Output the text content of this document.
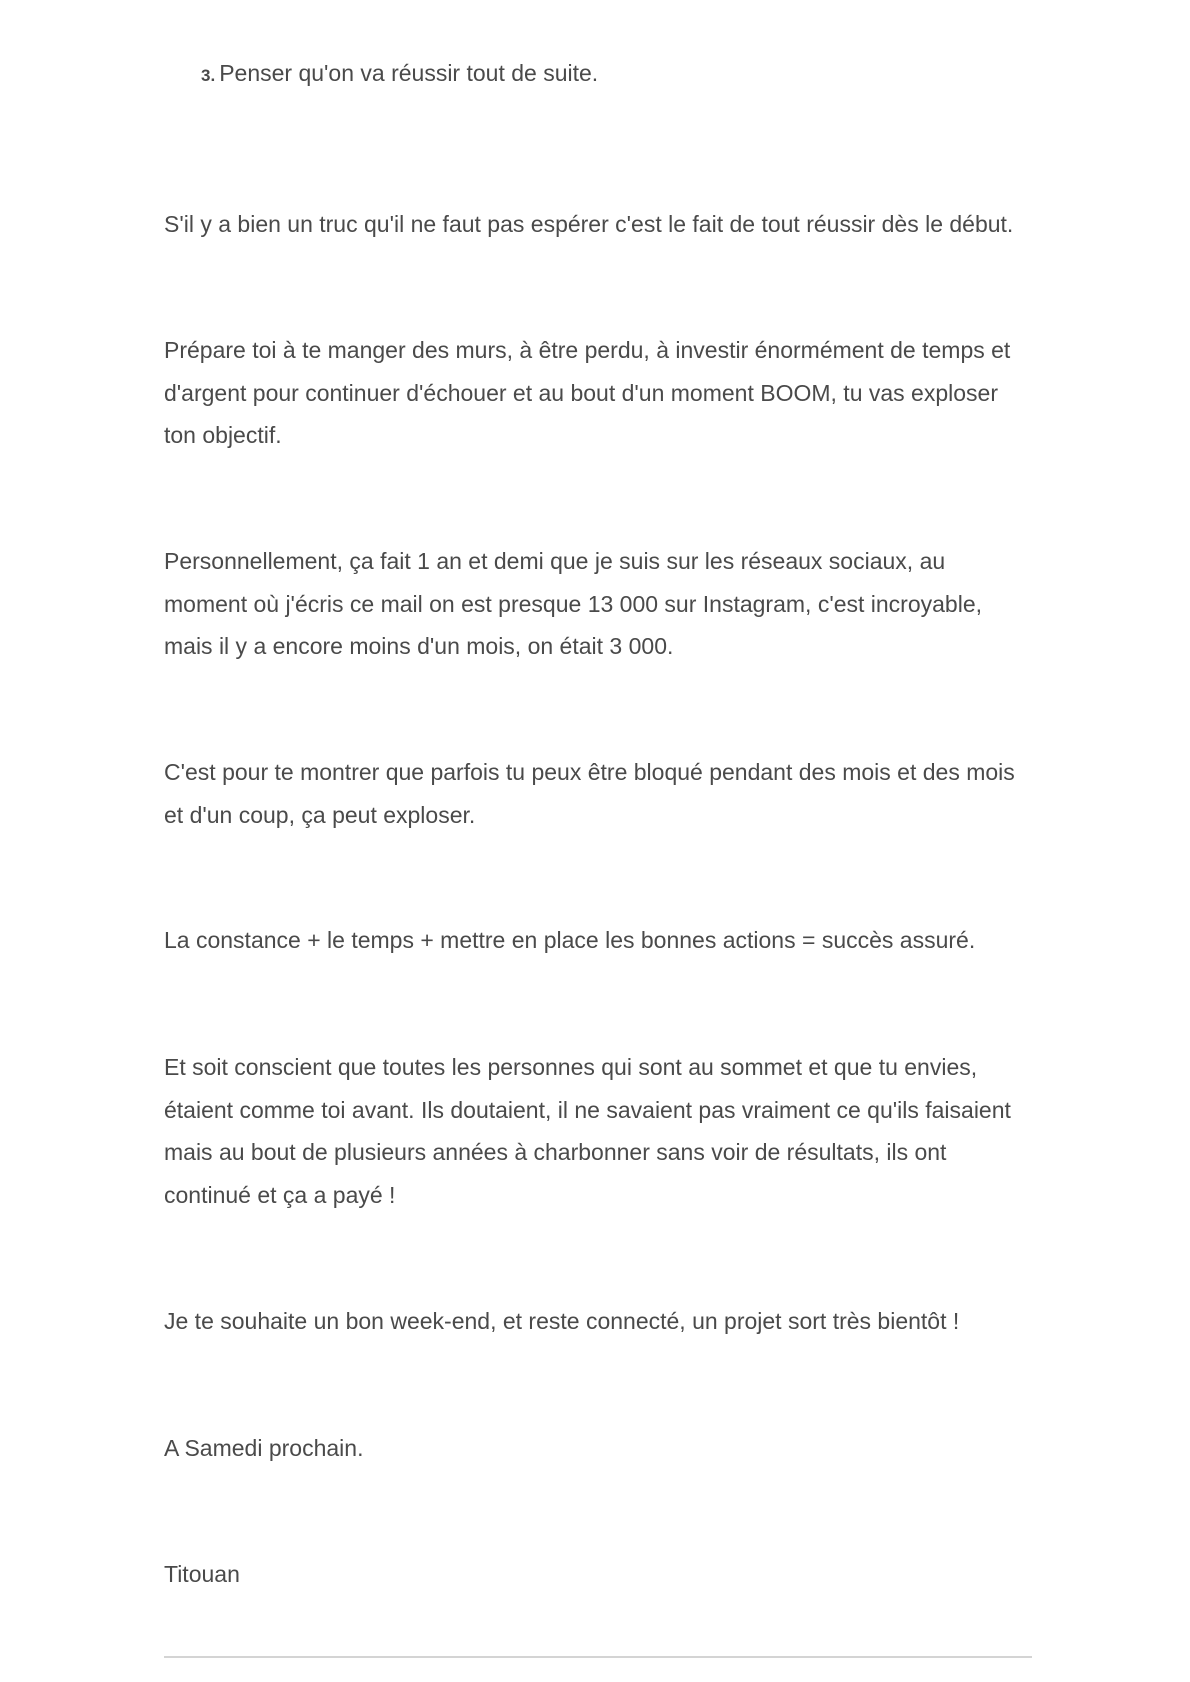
3. Penser qu'on va réussir tout de suite.

S'il y a bien un truc qu'il ne faut pas espérer c'est le fait de tout réussir dès le début.

Prépare toi à te manger des murs, à être perdu, à investir énormément de temps et d'argent pour continuer d'échouer et au bout d'un moment BOOM, tu vas exploser ton objectif.

Personnellement, ça fait 1 an et demi que je suis sur les réseaux sociaux, au moment où j'écris ce mail on est presque 13 000 sur Instagram, c'est incroyable, mais il y a encore moins d'un mois, on était 3 000.

C'est pour te montrer que parfois tu peux être bloqué pendant des mois et des mois et d'un coup, ça peut exploser.

La constance + le temps + mettre en place les bonnes actions = succès assuré.

Et soit conscient que toutes les personnes qui sont au sommet et que tu envies, étaient comme toi avant. Ils doutaient, il ne savaient pas vraiment ce qu'ils faisaient mais au bout de plusieurs années à charbonner sans voir de résultats, ils ont continué et ça a payé !

Je te souhaite un bon week-end, et reste connecté, un projet sort très bientôt !

A Samedi prochain.

Titouan
